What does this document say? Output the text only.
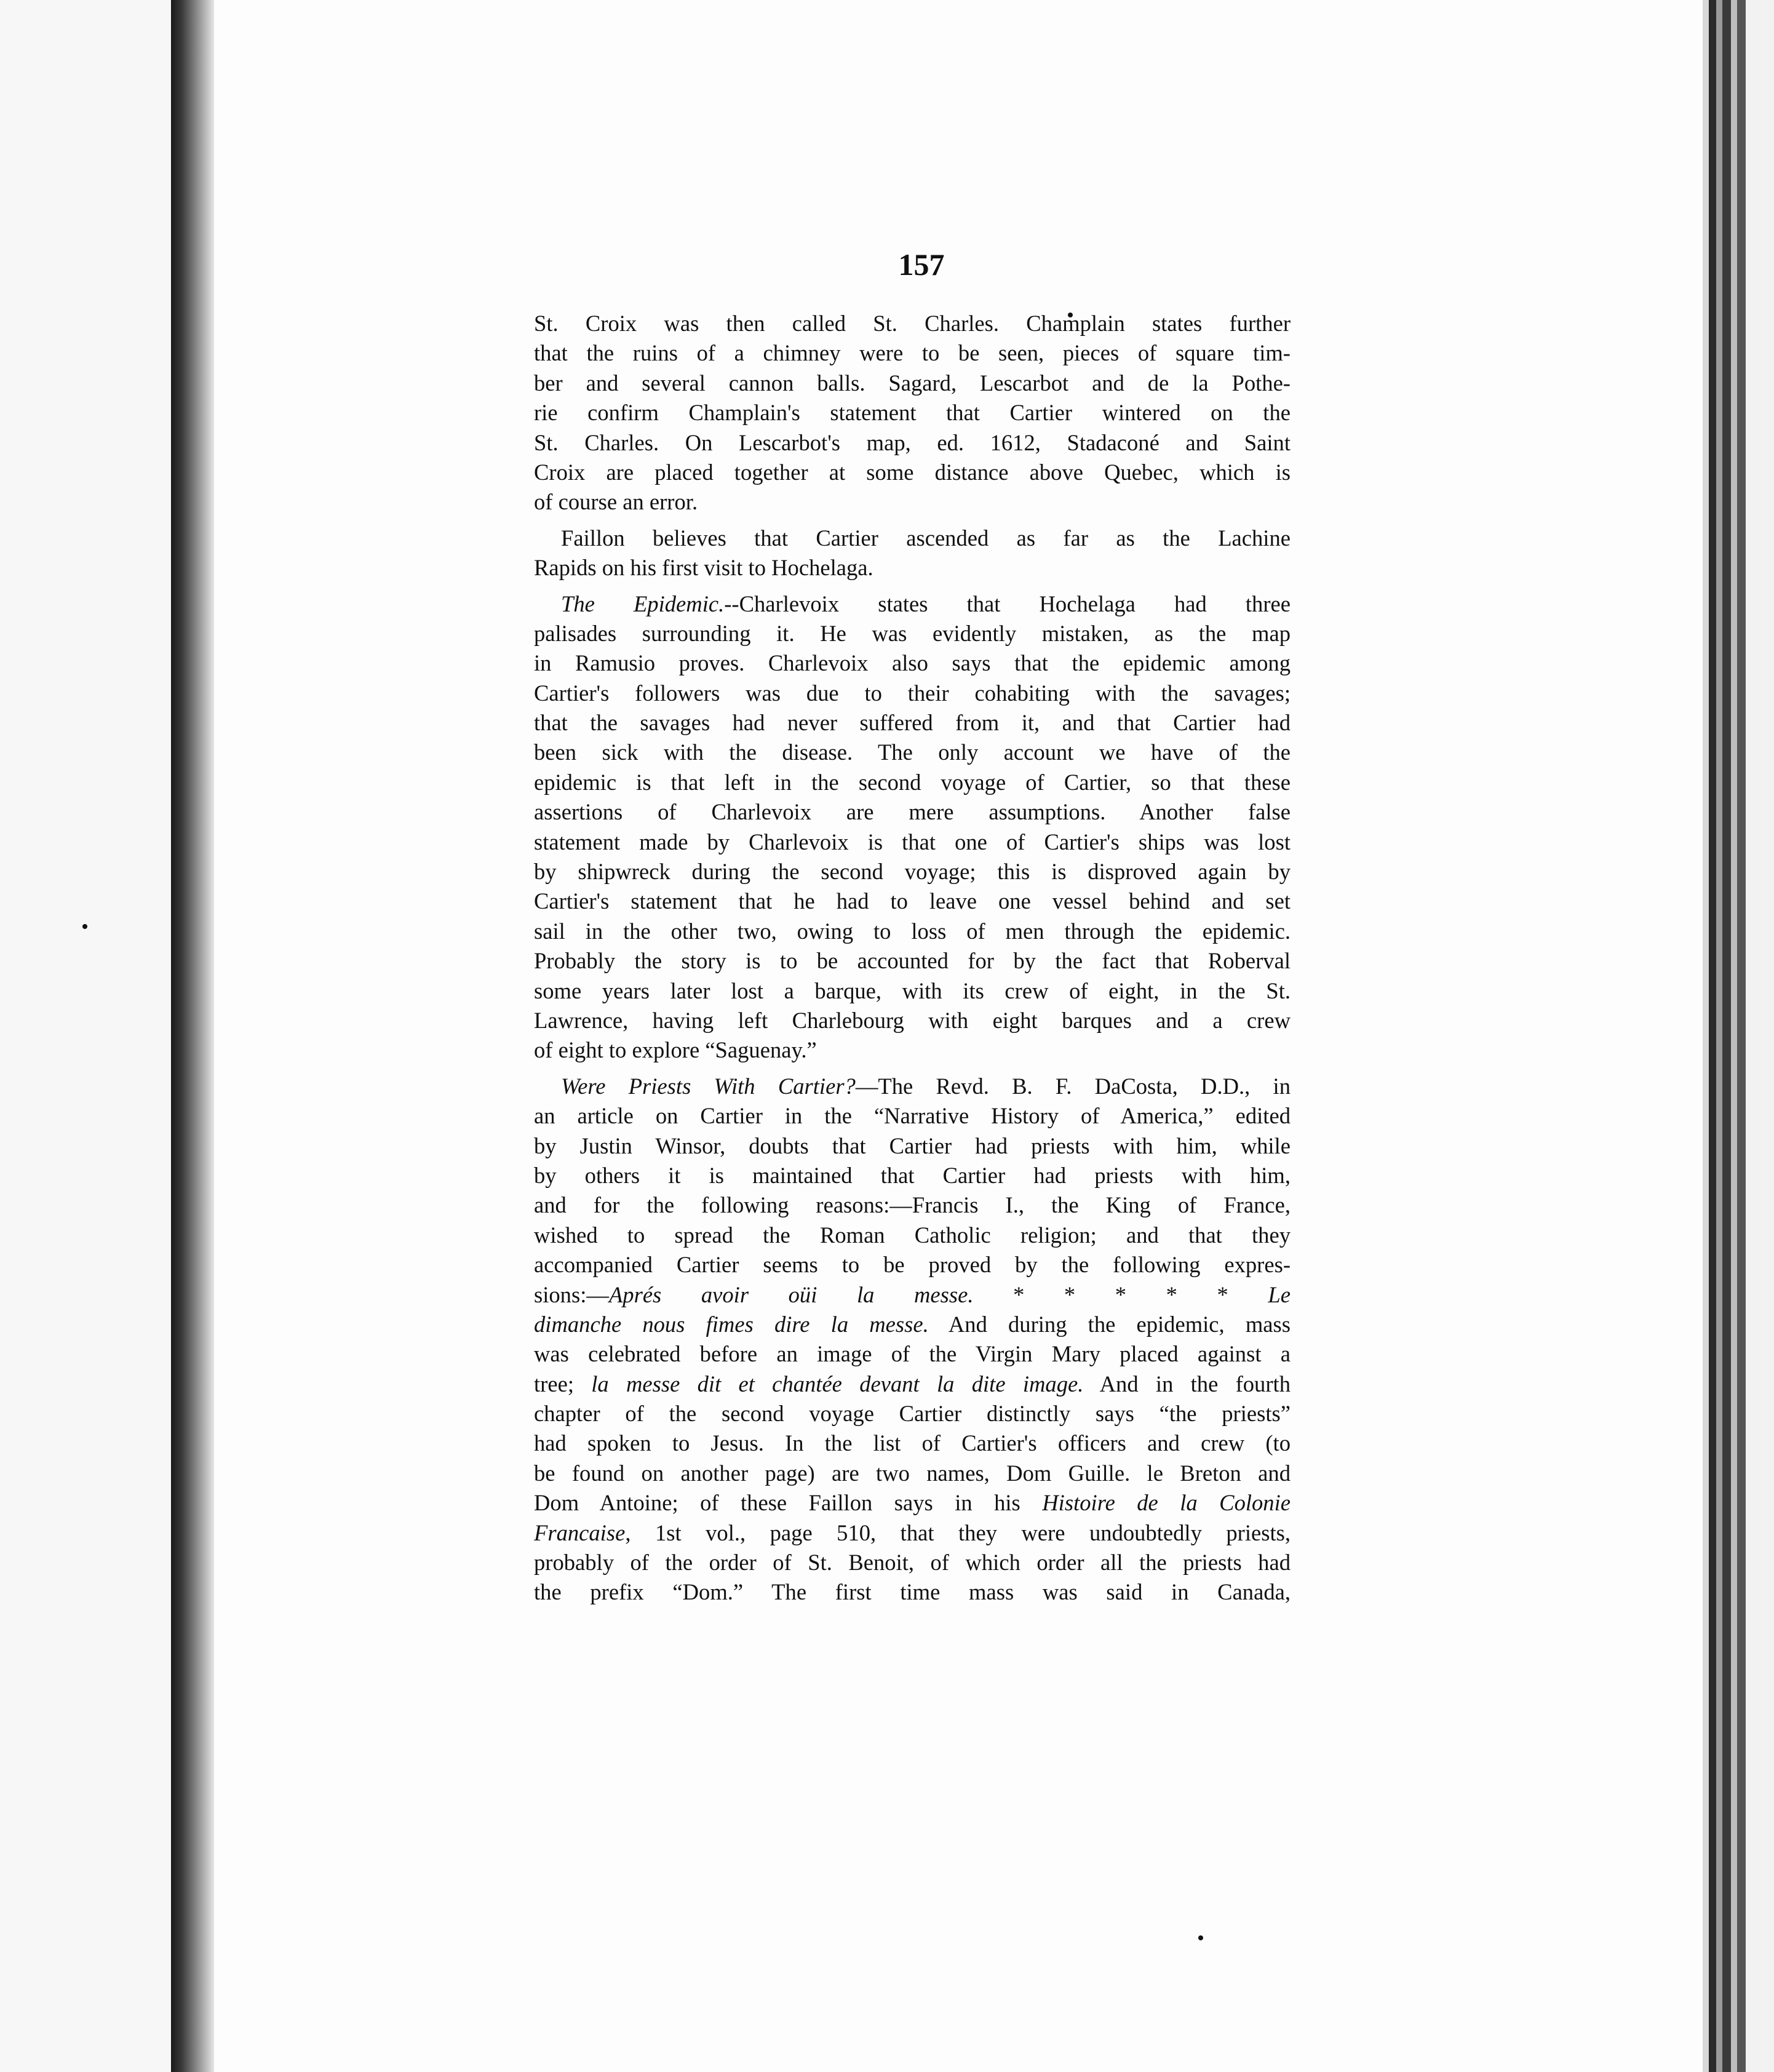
157
St. Croix was then called St. Charles. Champlain states further
that the ruins of a chimney were to be seen, pieces of square tim-
ber and several cannon balls. Sagard, Lescarbot and de la Pothe-
rie confirm Champlain's statement that Cartier wintered on the
St. Charles. On Lescarbot's map, ed. 1612, Stadaconé and Saint
Croix are placed together at some distance above Quebec, which is
of course an error.
Faillon believes that Cartier ascended as far as the Lachine
Rapids on his first visit to Hochelaga.
The Epidemic.--Charlevoix states that Hochelaga had three
palisades surrounding it. He was evidently mistaken, as the map
in Ramusio proves. Charlevoix also says that the epidemic among
Cartier's followers was due to their cohabiting with the savages;
that the savages had never suffered from it, and that Cartier had
been sick with the disease. The only account we have of the
epidemic is that left in the second voyage of Cartier, so that these
assertions of Charlevoix are mere assumptions. Another false
statement made by Charlevoix is that one of Cartier's ships was lost
by shipwreck during the second voyage; this is disproved again by
Cartier's statement that he had to leave one vessel behind and set
sail in the other two, owing to loss of men through the epidemic.
Probably the story is to be accounted for by the fact that Roberval
some years later lost a barque, with its crew of eight, in the St.
Lawrence, having left Charlebourg with eight barques and a crew
of eight to explore “Saguenay.”
Were Priests With Cartier?—The Revd. B. F. DaCosta, D.D., in
an article on Cartier in the “Narrative History of America,” edited
by Justin Winsor, doubts that Cartier had priests with him, while
by others it is maintained that Cartier had priests with him,
and for the following reasons:—Francis I., the King of France,
wished to spread the Roman Catholic religion; and that they
accompanied Cartier seems to be proved by the following expres-
sions:—Aprés avoir oüi la messe. * * * * * Le
dimanche nous fimes dire la messe. And during the epidemic, mass
was celebrated before an image of the Virgin Mary placed against a
tree; la messe dit et chantée devant la dite image. And in the fourth
chapter of the second voyage Cartier distinctly says “the priests”
had spoken to Jesus. In the list of Cartier's officers and crew (to
be found on another page) are two names, Dom Guille. le Breton and
Dom Antoine; of these Faillon says in his Histoire de la Colonie
Francaise, 1st vol., page 510, that they were undoubtedly priests,
probably of the order of St. Benoit, of which order all the priests had
the prefix “Dom.” The first time mass was said in Canada,
